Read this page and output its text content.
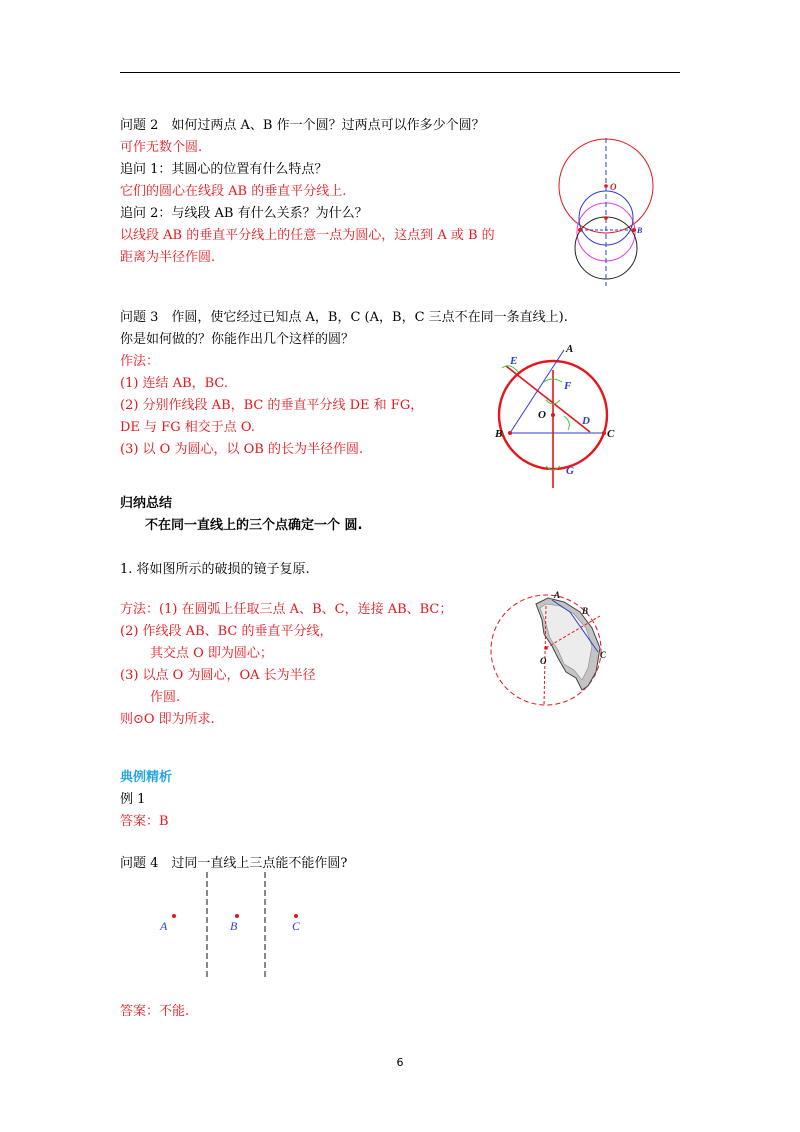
问题 2　如何过两点 A、B 作一个圆？过两点可以作多少个圆？
可作无数个圆.
追问 1：其圆心的位置有什么特点？
它们的圆心在线段 AB 的垂直平分线上.
追问 2：与线段 AB 有什么关系？为什么？
以线段 AB 的垂直平分线上的任意一点为圆心，这点到 A 或 B 的
距离为半径作圆.
O
B
问题 3　作圆，使它经过已知点 A，B，C (A，B，C 三点不在同一条直线上).
你是如何做的？你能作出几个这样的圆？
作法：
(1) 连结 AB，BC.
(2) 分别作线段 AB，BC 的垂直平分线 DE 和 FG，
DE 与 FG 相交于点 O.
(3) 以 O 为圆心，以 OB 的长为半径作圆.
A
B	C
D
E
F
G
O
归纳总结
不在同一直线上的三个点确定一个 圆.
1. 将如图所示的破损的镜子复原.
方法：(1) 在圆弧上任取三点 A、B、C，连接 AB、BC；
(2) 作线段 AB、BC 的垂直平分线，
其交点 O 即为圆心；
(3) 以点 O 为圆心，OA 长为半径
作圆.
则⊙O 即为所求.
A
B
C
O
典例精析
例 1
答案：B
问题 4　过同一直线上三点能不能作圆?
A	B	C
答案：不能.
6
